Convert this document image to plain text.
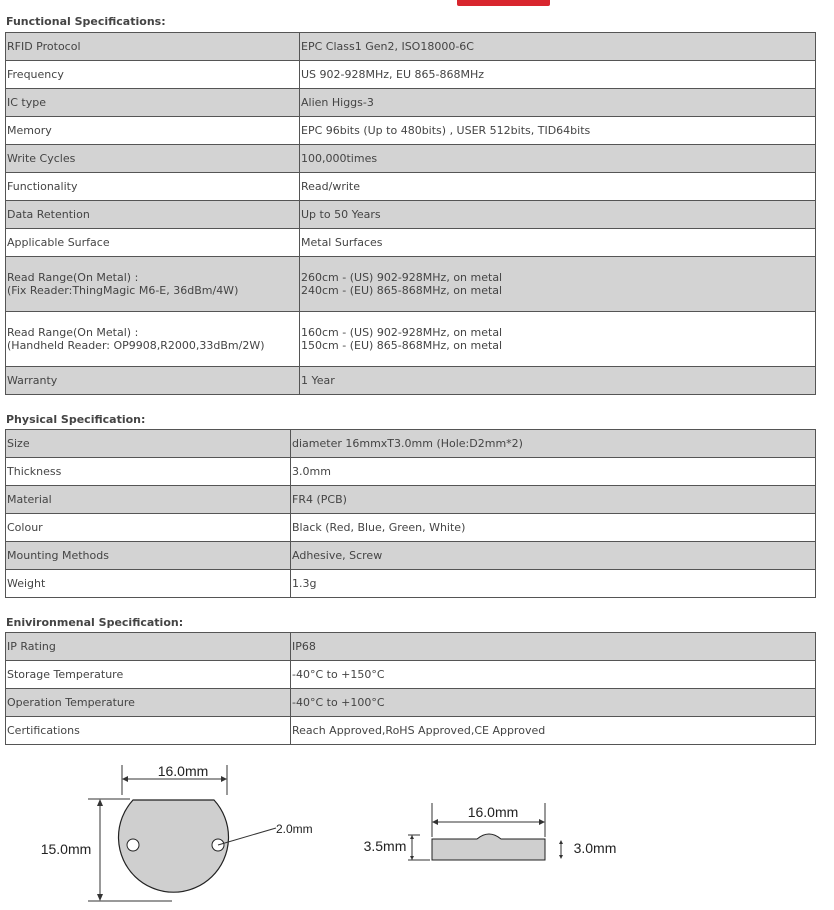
Functional Specifications:
RFID Protocol	EPC Class1 Gen2, ISO18000-6C
Frequency	US 902-928MHz, EU 865-868MHz
IC type	Alien Higgs-3
Memory	EPC 96bits (Up to 480bits) , USER 512bits, TID64bits
Write Cycles	100,000times
Functionality	Read/write
Data Retention	Up to 50 Years
Applicable Surface	Metal Surfaces

Read Range(On Metal) :
(Fix Reader:ThingMagic M6-E, 36dBm/4W)	260cm - (US) 902-928MHz, on metal
240cm - (EU) 865-868MHz, on metal

Read Range(On Metal) :
(Handheld Reader: OP9908,R2000,33dBm/2W)	160cm - (US) 902-928MHz, on metal
150cm - (EU) 865-868MHz, on metal

Warranty	1 Year
Physical Specification:
Size	diameter 16mmxT3.0mm (Hole:D2mm*2)
Thickness	3.0mm
Material	FR4 (PCB)
Colour	Black (Red, Blue, Green, White)
Mounting Methods	Adhesive, Screw
Weight	1.3g
Enivironmenal Specification:
IP Rating	IP68
Storage Temperature	-40°C to +150°C
Operation Temperature	-40°C to +100°C
Certifications	Reach Approved,RoHS Approved,CE Approved
16.0mm
15.0mm
2.0mm
16.0mm
3.5mm	3.0mm
